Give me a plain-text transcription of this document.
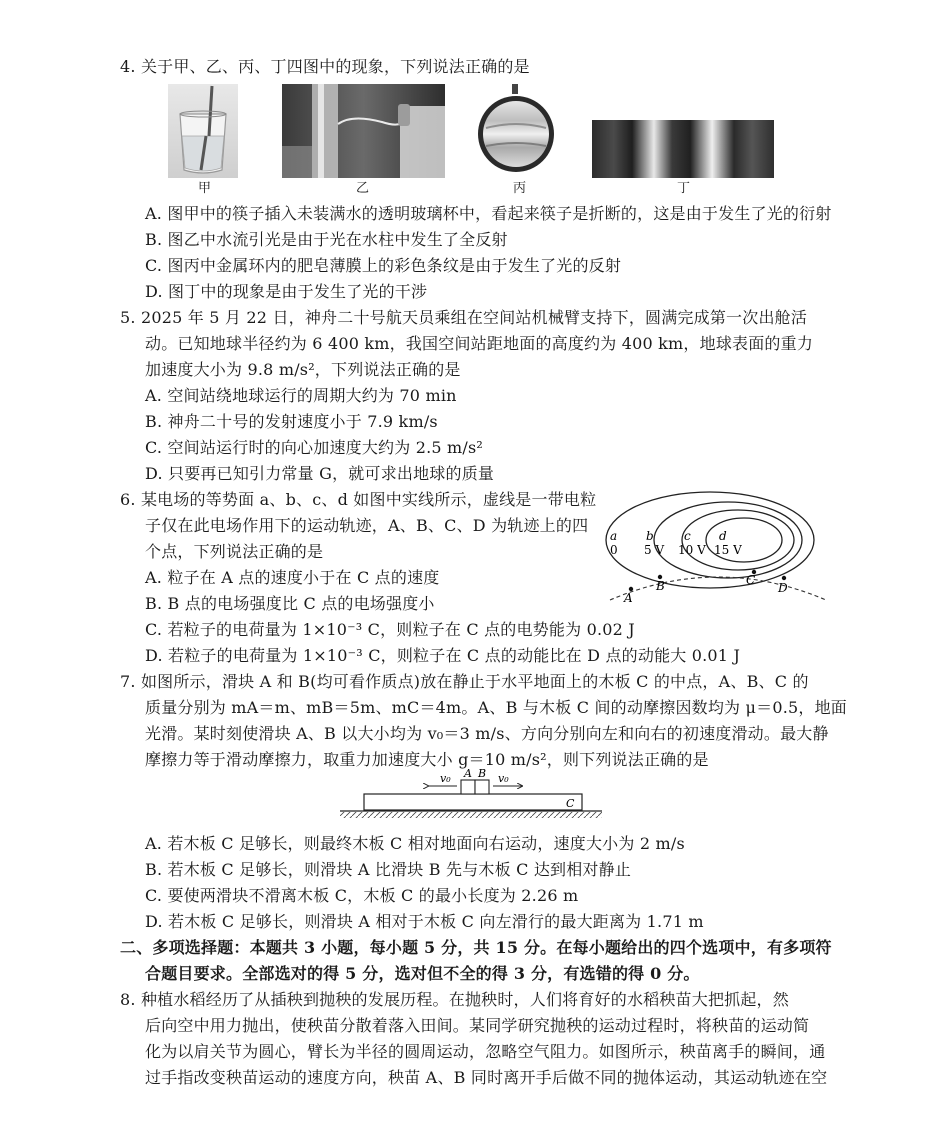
4. 关于甲、乙、丙、丁四图中的现象，下列说法正确的是
甲	乙	丙	丁
A. 图甲中的筷子插入未装满水的透明玻璃杯中，看起来筷子是折断的，这是由于发生了光的衍射
B. 图乙中水流引光是由于光在水柱中发生了全反射
C. 图丙中金属环内的肥皂薄膜上的彩色条纹是由于发生了光的反射
D. 图丁中的现象是由于发生了光的干涉
5. 2025 年 5 月 22 日，神舟二十号航天员乘组在空间站机械臂支持下，圆满完成第一次出舱活
动。已知地球半径约为 6 400 km，我国空间站距地面的高度约为 400 km，地球表面的重力
加速度大小为 9.8 m/s²，下列说法正确的是
A. 空间站绕地球运行的周期大约为 70 min
B. 神舟二十号的发射速度小于 7.9 km/s
C. 空间站运行时的向心加速度大约为 2.5 m/s²
D. 只要再已知引力常量 G，就可求出地球的质量
6. 某电场的等势面 a、b、c、d 如图中实线所示，虚线是一带电粒
子仅在此电场作用下的运动轨迹，A、B、C、D 为轨迹上的四
个点，下列说法正确的是
A. 粒子在 A 点的速度小于在 C 点的速度
B. B 点的电场强度比 C 点的电场强度小
C. 若粒子的电荷量为 1×10⁻³ C，则粒子在 C 点的电势能为 0.02 J
D. 若粒子的电荷量为 1×10⁻³ C，则粒子在 C 点的动能比在 D 点的动能大 0.01 J
a
0
b
5 V
c
10 V
d
15 V
A
B	C
D
7. 如图所示，滑块 A 和 B(均可看作质点)放在静止于水平地面上的木板 C 的中点，A、B、C 的
质量分别为 mA＝m、mB＝5m、mC＝4m。A、B 与木板 C 间的动摩擦因数均为 μ＝0.5，地面
光滑。某时刻使滑块 A、B 以大小均为 v₀＝3 m/s、方向分别向左和向右的初速度滑动。最大静
摩擦力等于滑动摩擦力，取重力加速度大小 g＝10 m/s²，则下列说法正确的是
A B
C
v₀	v₀
A. 若木板 C 足够长，则最终木板 C 相对地面向右运动，速度大小为 2 m/s
B. 若木板 C 足够长，则滑块 A 比滑块 B 先与木板 C 达到相对静止
C. 要使两滑块不滑离木板 C，木板 C 的最小长度为 2.26 m
D. 若木板 C 足够长，则滑块 A 相对于木板 C 向左滑行的最大距离为 1.71 m
二、多项选择题：本题共 3 小题，每小题 5 分，共 15 分。在每小题给出的四个选项中，有多项符
合题目要求。全部选对的得 5 分，选对但不全的得 3 分，有选错的得 0 分。
8. 种植水稻经历了从插秧到抛秧的发展历程。在抛秧时，人们将育好的水稻秧苗大把抓起，然
后向空中用力抛出，使秧苗分散着落入田间。某同学研究抛秧的运动过程时，将秧苗的运动简
化为以肩关节为圆心，臂长为半径的圆周运动，忽略空气阻力。如图所示，秧苗离手的瞬间，通
过手指改变秧苗运动的速度方向，秧苗 A、B 同时离开手后做不同的抛体运动，其运动轨迹在空
